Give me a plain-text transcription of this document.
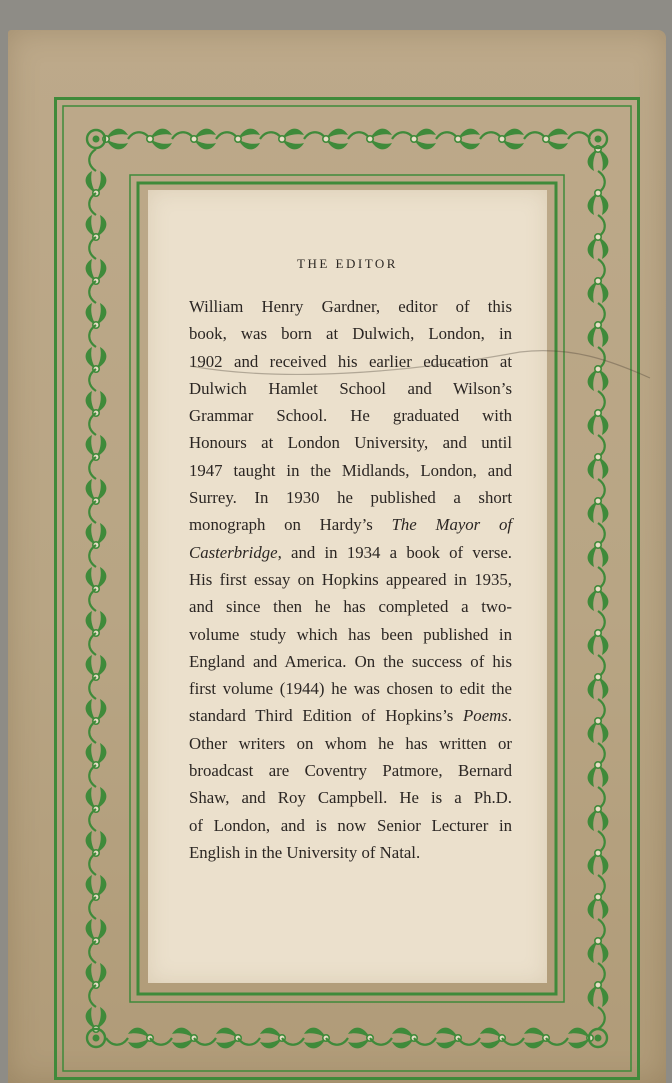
THE EDITOR
William Henry Gardner, editor of this
book, was born at Dulwich, London, in
1902 and received his earlier education at
Dulwich Hamlet School and Wilson’s
Grammar School. He graduated with
Honours at London University, and until
1947 taught in the Midlands, London, and
Surrey. In 1930 he published a short
monograph on Hardy’s The Mayor of
Casterbridge, and in 1934 a book of verse.
His first essay on Hopkins appeared in 1935,
and since then he has completed a two-
volume study which has been published in
England and America. On the success of his
first volume (1944) he was chosen to edit the
standard Third Edition of Hopkins’s Poems.
Other writers on whom he has written or
broadcast are Coventry Patmore, Bernard
Shaw, and Roy Campbell. He is a Ph.D.
of London, and is now Senior Lecturer in
English in the University of Natal.
